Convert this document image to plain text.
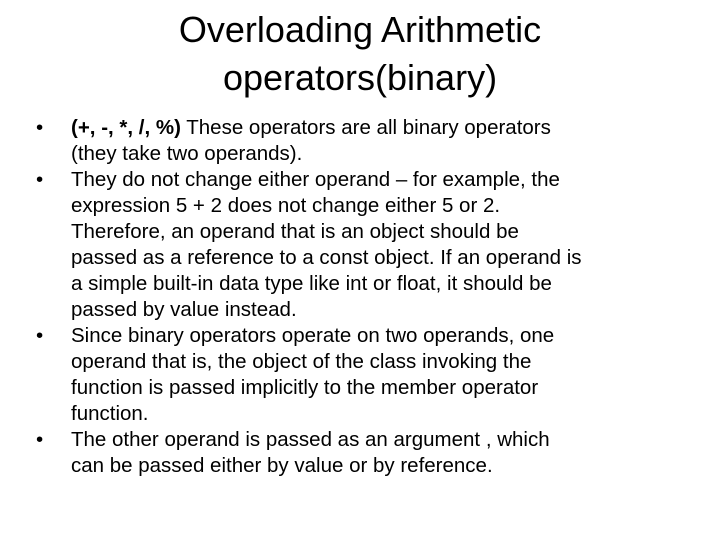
Overloading Arithmetic
operators(binary)
•	(+, -, *, /, %) These operators are all binary operators
(they take two operands).
•	They do not change either operand – for example, the
expression 5 + 2 does not change either 5 or 2.
Therefore, an operand that is an object should be
passed as a reference to a const object. If an operand is
a simple built-in data type like int or float, it should be
passed by value instead.
•	Since binary operators operate on two operands, one
operand that is, the object of the class invoking the
function is passed implicitly to the member operator
function.
•	The other operand is passed as an argument , which
can be passed either by value or by reference.
